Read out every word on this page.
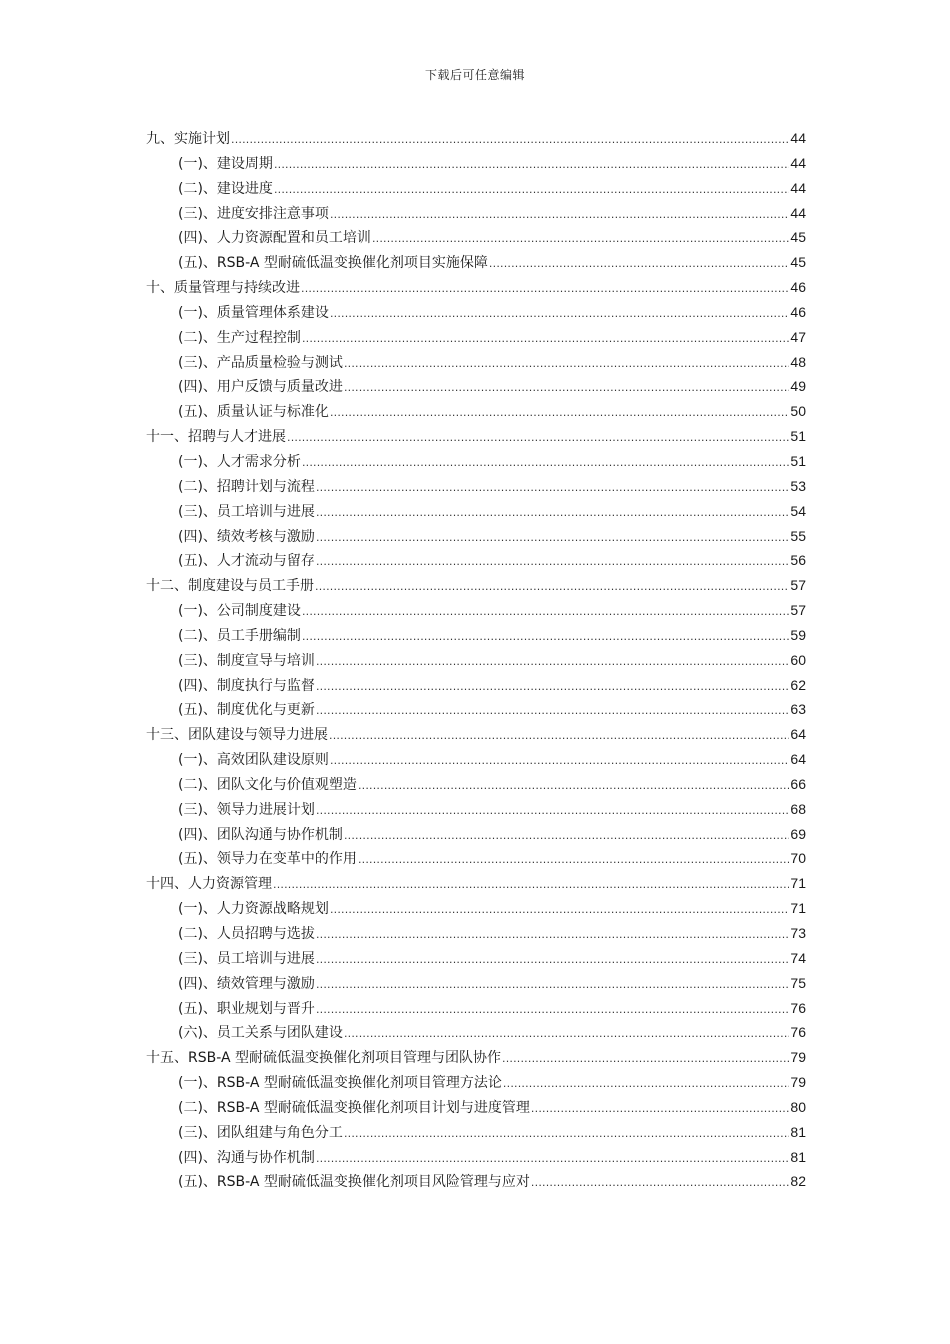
下载后可任意编辑
九、实施计划 .....	44
(一)、建设周期 .....	44
(二)、建设进度 .....	44
(三)、进度安排注意事项 .....	44
(四)、人力资源配置和员工培训 .....	45
(五)、RSB-A 型耐硫低温变换催化剂项目实施保障 .....	45
十、质量管理与持续改进 .....	46
(一)、质量管理体系建设 .....	46
(二)、生产过程控制 .....	47
(三)、产品质量检验与测试 .....	48
(四)、用户反馈与质量改进 .....	49
(五)、质量认证与标准化 .....	50
十一、招聘与人才进展 .....	51
(一)、人才需求分析 .....	51
(二)、招聘计划与流程 .....	53
(三)、员工培训与进展 .....	54
(四)、绩效考核与激励 .....	55
(五)、人才流动与留存 .....	56
十二、制度建设与员工手册 .....	57
(一)、公司制度建设 .....	57
(二)、员工手册编制 .....	59
(三)、制度宣导与培训 .....	60
(四)、制度执行与监督 .....	62
(五)、制度优化与更新 .....	63
十三、团队建设与领导力进展 .....	64
(一)、高效团队建设原则 .....	64
(二)、团队文化与价值观塑造 .....	66
(三)、领导力进展计划 .....	68
(四)、团队沟通与协作机制 .....	69
(五)、领导力在变革中的作用 .....	70
十四、人力资源管理 .....	71
(一)、人力资源战略规划 .....	71
(二)、人员招聘与选拔 .....	73
(三)、员工培训与进展 .....	74
(四)、绩效管理与激励 .....	75
(五)、职业规划与晋升 .....	76
(六)、员工关系与团队建设 .....	76
十五、RSB-A 型耐硫低温变换催化剂项目管理与团队协作 .....	79
(一)、RSB-A 型耐硫低温变换催化剂项目管理方法论 .....	79
(二)、RSB-A 型耐硫低温变换催化剂项目计划与进度管理 .....	80
(三)、团队组建与角色分工 .....	81
(四)、沟通与协作机制 .....	81
(五)、RSB-A 型耐硫低温变换催化剂项目风险管理与应对 .....	82
